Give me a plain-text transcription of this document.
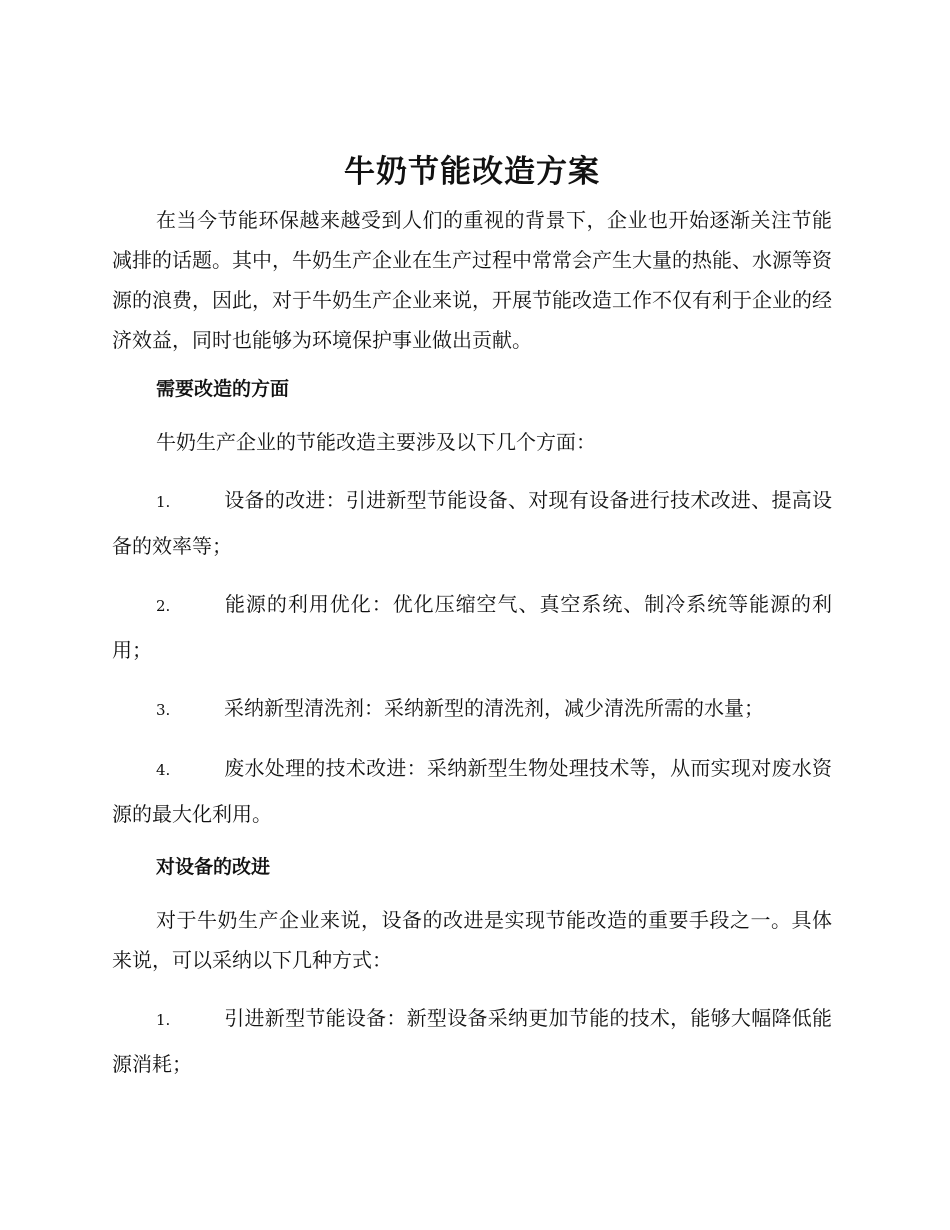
牛奶节能改造方案

在当今节能环保越来越受到人们的重视的背景下，企业也开始逐渐关注节能减排的话题。其中，牛奶生产企业在生产过程中常常会产生大量的热能、水源等资源的浪费，因此，对于牛奶生产企业来说，开展节能改造工作不仅有利于企业的经济效益，同时也能够为环境保护事业做出贡献。

需要改造的方面

牛奶生产企业的节能改造主要涉及以下几个方面：

1.	设备的改进：引进新型节能设备、对现有设备进行技术改进、提高设备的效率等；

2.	能源的利用优化：优化压缩空气、真空系统、制冷系统等能源的利用；

3.	采纳新型清洗剂：采纳新型的清洗剂，减少清洗所需的水量；

4.	废水处理的技术改进：采纳新型生物处理技术等，从而实现对废水资源的最大化利用。

对设备的改进

对于牛奶生产企业来说，设备的改进是实现节能改造的重要手段之一。具体来说，可以采纳以下几种方式：

1.	引进新型节能设备：新型设备采纳更加节能的技术，能够大幅降低能源消耗；
